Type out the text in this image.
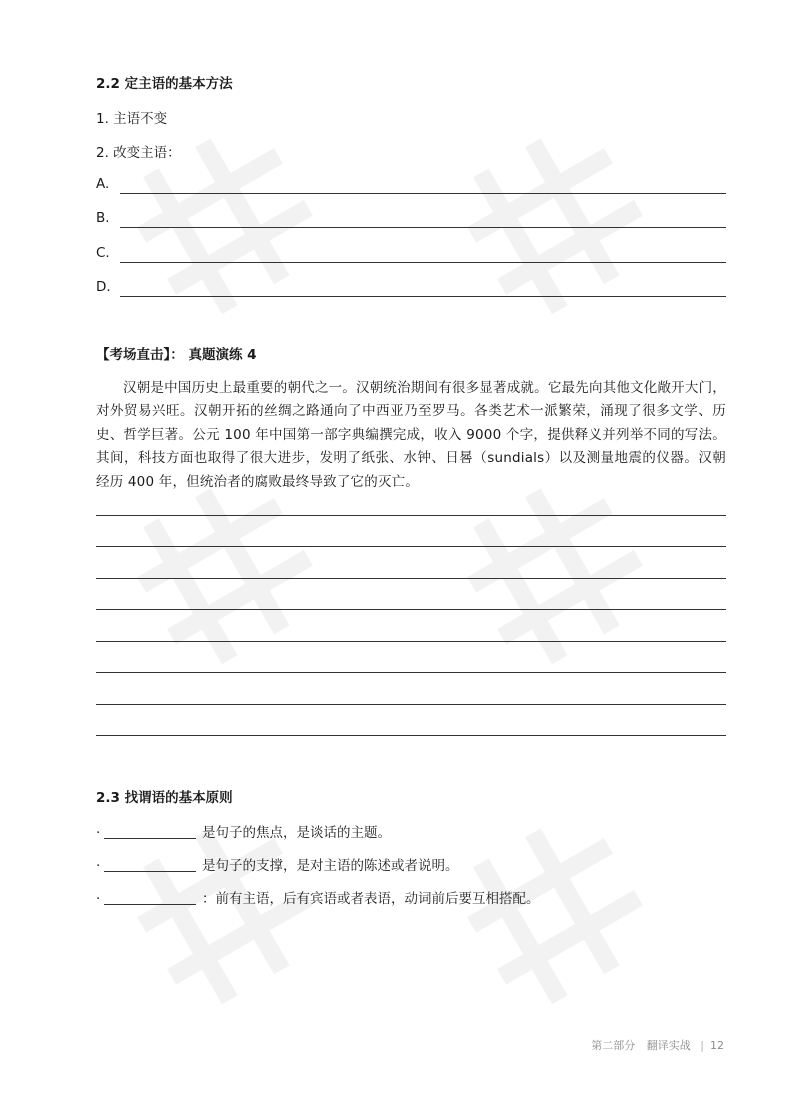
2.2 定主语的基本方法
1. 主语不变
2. 改变主语：
A.
B.
C.
D.
【考场直击】： 真题演练 4
汉朝是中国历史上最重要的朝代之一。汉朝统治期间有很多显著成就。它最先向其他文化敞开大门，对外贸易兴旺。汉朝开拓的丝绸之路通向了中西亚乃至罗马。各类艺术一派繁荣，涌现了很多文学、历史、哲学巨著。公元 100 年中国第一部字典编撰完成，收入 9000 个字，提供释义并列举不同的写法。其间，科技方面也取得了很大进步，发明了纸张、水钟、日晷（sundials）以及测量地震的仪器。汉朝经历 400 年，但统治者的腐败最终导致了它的灭亡。
2.3 找谓语的基本原则
·	是句子的焦点，是谈话的主题。
·	是句子的支撑，是对主语的陈述或者说明。
·	：前有主语，后有宾语或者表语，动词前后要互相搭配。
第二部分 翻译实战 | 12
